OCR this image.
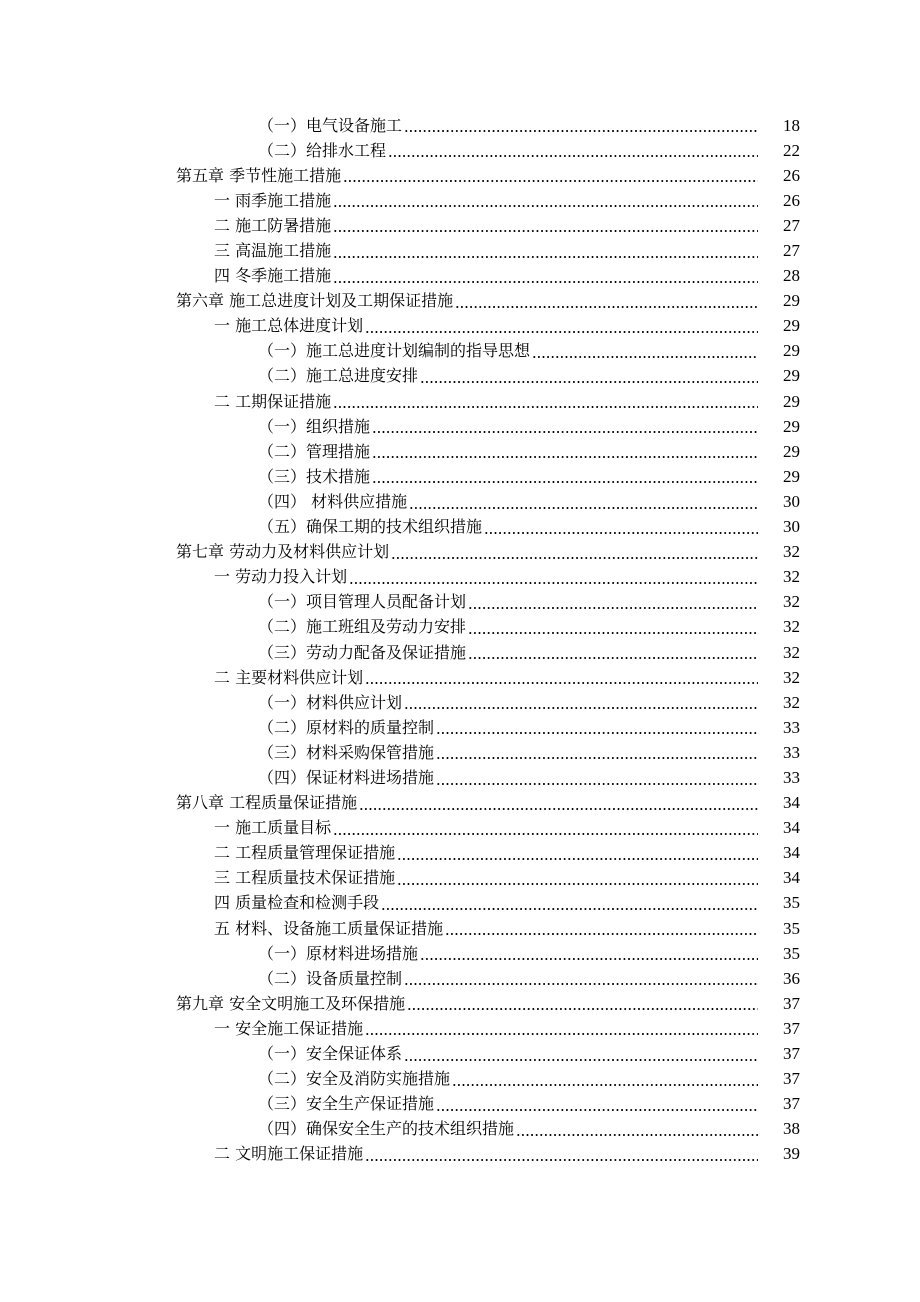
（一）电气设备施工	18
（二）给排水工程	22
第五章 季节性施工措施	26
一 雨季施工措施	26
二 施工防暑措施	27
三 高温施工措施	27
四 冬季施工措施	28
第六章 施工总进度计划及工期保证措施	29
一 施工总体进度计划	29
（一）施工总进度计划编制的指导思想	29
（二）施工总进度安排	29
二 工期保证措施	29
（一）组织措施	29
（二）管理措施	29
（三）技术措施	29
（四） 材料供应措施	30
（五）确保工期的技术组织措施	30
第七章 劳动力及材料供应计划	32
一 劳动力投入计划	32
（一）项目管理人员配备计划	32
（二）施工班组及劳动力安排	32
（三）劳动力配备及保证措施	32
二 主要材料供应计划	32
（一）材料供应计划	32
（二）原材料的质量控制	33
（三）材料采购保管措施	33
（四）保证材料进场措施	33
第八章 工程质量保证措施	34
一 施工质量目标	34
二 工程质量管理保证措施	34
三 工程质量技术保证措施	34
四 质量检查和检测手段	35
五 材料、设备施工质量保证措施	35
（一）原材料进场措施	35
（二）设备质量控制	36
第九章 安全文明施工及环保措施	37
一 安全施工保证措施	37
（一）安全保证体系	37
（二）安全及消防实施措施	37
（三）安全生产保证措施	37
（四）确保安全生产的技术组织措施	38
二 文明施工保证措施	39
